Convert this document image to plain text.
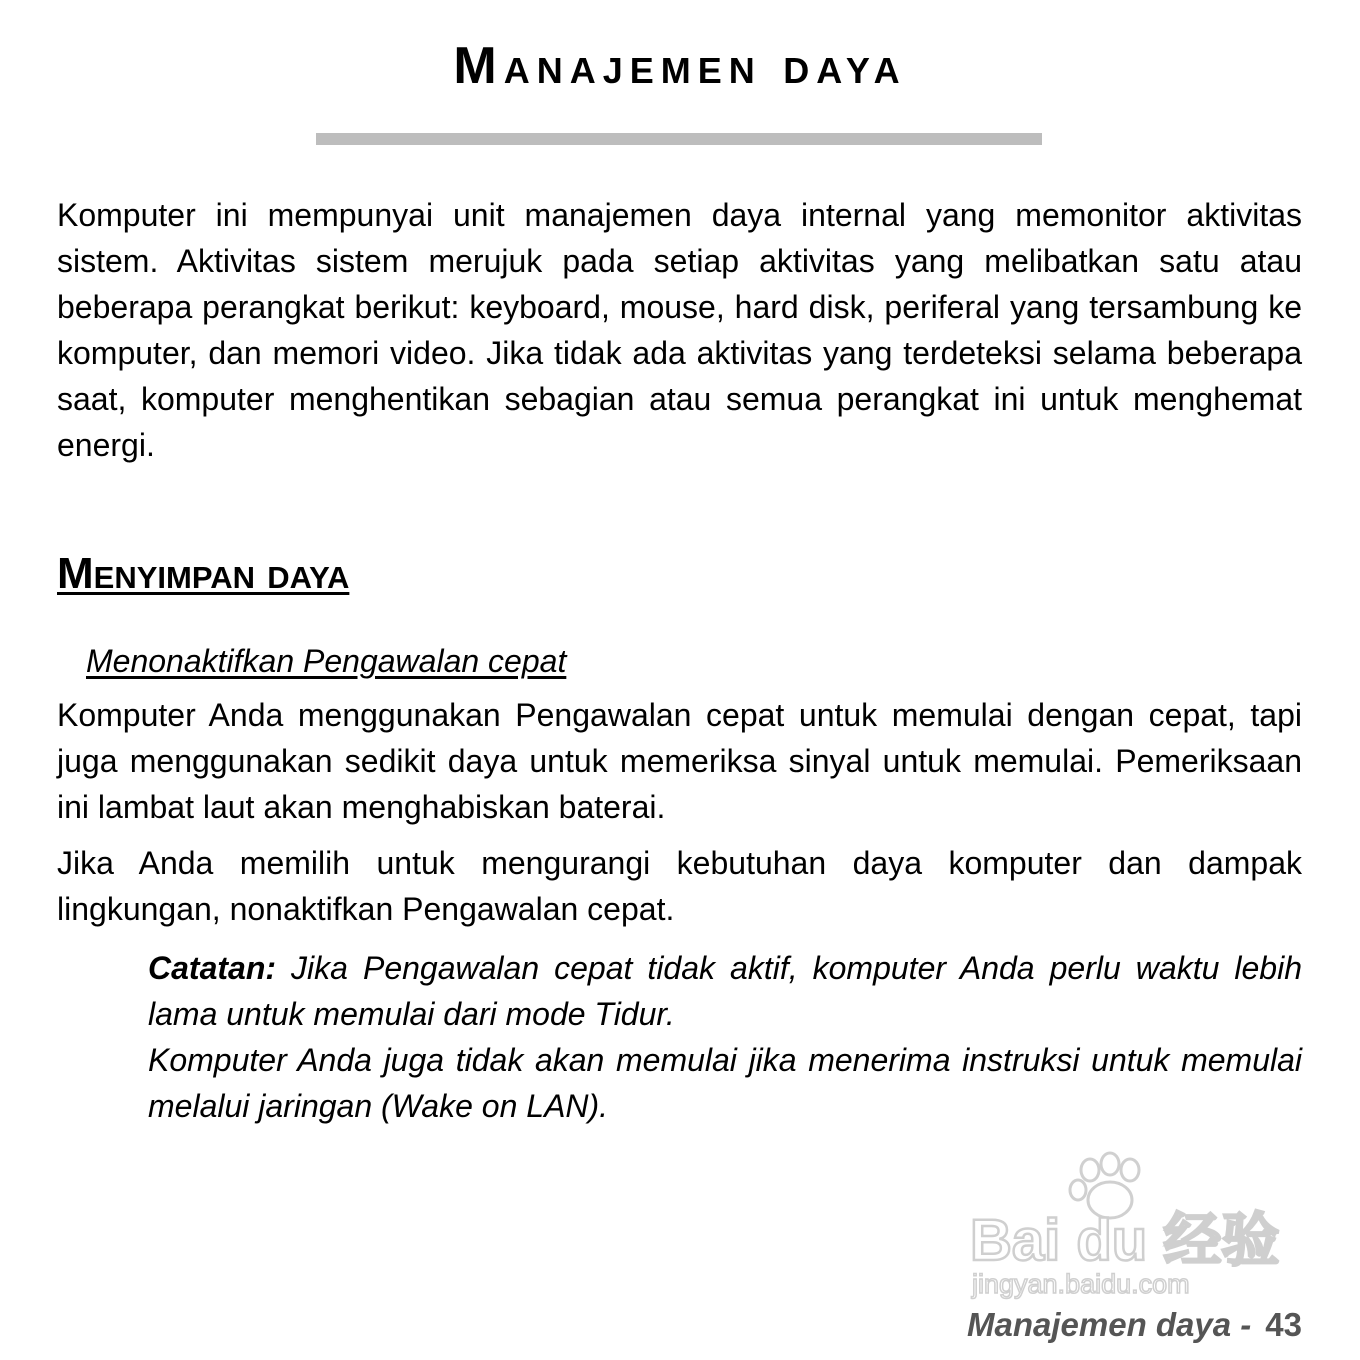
Manajemen daya

Komputer ini mempunyai unit manajemen daya internal yang memonitor aktivitas sistem. Aktivitas sistem merujuk pada setiap aktivitas yang melibatkan satu atau beberapa perangkat berikut: keyboard, mouse, hard disk, periferal yang tersambung ke komputer, dan memori video. Jika tidak ada aktivitas yang terdeteksi selama beberapa saat, komputer menghentikan sebagian atau semua perangkat ini untuk menghemat energi.

Menyimpan daya
Menonaktifkan Pengawalan cepat

Komputer Anda menggunakan Pengawalan cepat untuk memulai dengan cepat, tapi juga menggunakan sedikit daya untuk memeriksa sinyal untuk memulai. Pemeriksaan ini lambat laut akan menghabiskan baterai.

Jika Anda memilih untuk mengurangi kebutuhan daya komputer dan dampak lingkungan, nonaktifkan Pengawalan cepat.

Catatan: Jika Pengawalan cepat tidak aktif, komputer Anda perlu waktu lebih lama untuk memulai dari mode Tidur.
Komputer Anda juga tidak akan memulai jika menerima instruksi untuk memulai melalui jaringan (Wake on LAN).
Bai du 经验
jingyan.baidu.com
Manajemen daya - 43
